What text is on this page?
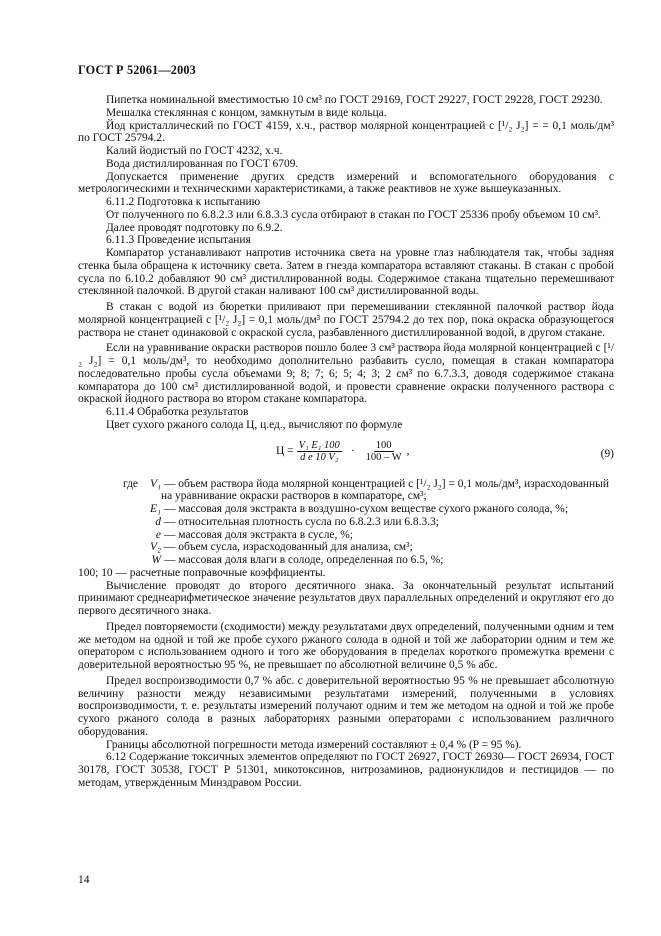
ГОСТ Р 52061—2003

Пипетка номинальной вместимостью 10 см³ по ГОСТ 29169, ГОСТ 29227, ГОСТ 29228, ГОСТ 29230.

Мешалка стеклянная с концом, замкнутым в виде кольца.

Йод кристаллический по ГОСТ 4159, х.ч., раствор молярной концентрацией c [¹/₂ J₂] = = 0,1 моль/дм³ по ГОСТ 25794.2.

Калий йодистый по ГОСТ 4232, х.ч.

Вода дистиллированная по ГОСТ 6709.

Допускается применение других средств измерений и вспомогательного оборудования с метрологическими и техническими характеристиками, а также реактивов не хуже вышеуказанных.

6.11.2 Подготовка к испытанию

От полученного по 6.8.2.3 или 6.8.3.3 сусла отбирают в стакан по ГОСТ 25336 пробу объемом 10 см³.

Далее проводят подготовку по 6.9.2.

6.11.3 Проведение испытания

Компаратор устанавливают напротив источника света на уровне глаз наблюдателя так, чтобы задняя стенка была обращена к источнику света. Затем в гнезда компаратора вставляют стаканы. В стакан с пробой сусла по 6.10.2 добавляют 90 см³ дистиллированной воды. Содержимое стакана тщательно перемешивают стеклянной палочкой. В другой стакан наливают 100 см³ дистиллированной воды.

В стакан с водой из бюретки приливают при перемешивании стеклянной палочкой раствор йода молярной концентрацией c [¹/₂ J₂] = 0,1 моль/дм³ по ГОСТ 25794.2 до тех пор, пока окраска образующегося раствора не станет одинаковой с окраской сусла, разбавленного дистиллированной водой, в другом стакане.

Если на уравнивание окраски растворов пошло более 3 см³ раствора йода молярной концентрацией c [¹/₂ J₂] = 0,1 моль/дм³, то необходимо дополнительно разбавить сусло, помещая в стакан компаратора последовательно пробы сусла объемами 9; 8; 7; 6; 5; 4; 3; 2 см³ по 6.7.3.3, доводя содержимое стакана компаратора до 100 см³ дистиллированной водой, и провести сравнение окраски полученного раствора с окраской йодного раствора во втором стакане компаратора.

6.11.4 Обработка результатов

Цвет сухого ржаного солода Ц, ц.ед., вычисляют по формуле

$Ц = \frac{\text{V₁ E₁ 100}}{\text{d e 10 V₂}} \cdot \frac{100}{100 - W}$ ,	(9)
где	V₁ — объем раствора йода молярной концентрацией c [¹/₂ J₂] = 0,1 моль/дм³, израсходованный
на уравнивание окраски растворов в компараторе, см³;
E₁ — массовая доля экстракта в воздушно-сухом веществе сухого ржаного солода, %;
d — относительная плотность сусла по 6.8.2.3 или 6.8.3.3;
e — массовая доля экстракта в сусле, %;
V₂ — объем сусла, израсходованный для анализа, см³;
W — массовая доля влаги в солоде, определенная по 6.5, %;

100; 10 — расчетные поправочные коэффициенты.

Вычисление проводят до второго десятичного знака. За окончательный результат испытаний принимают среднеарифметическое значение результатов двух параллельных определений и округляют его до первого десятичного знака.

Предел повторяемости (сходимости) между результатами двух определений, полученными одним и тем же методом на одной и той же пробе сухого ржаного солода в одной и той же лаборатории одним и тем же оператором с использованием одного и того же оборудования в пределах короткого промежутка времени с доверительной вероятностью 95 %, не превышает по абсолютной величине 0,5 % абс.

Предел воспроизводимости 0,7 % абс. с доверительной вероятностью 95 % не превышает абсолютную величину разности между независимыми результатами измерений, полученными в условиях воспроизводимости, т. е. результаты измерений получают одним и тем же методом на одной и той же пробе сухого ржаного солода в разных лабораториях разными операторами с использованием различного оборудования.

Границы абсолютной погрешности метода измерений составляют ± 0,4 % (P = 95 %).

6.12 Содержание токсичных элементов определяют по ГОСТ 26927, ГОСТ 26930— ГОСТ 26934, ГОСТ 30178, ГОСТ 30538, ГОСТ Р 51301, микотоксинов, нитрозаминов, радионуклидов и пестицидов — по методам, утвержденным Минздравом России.

14
